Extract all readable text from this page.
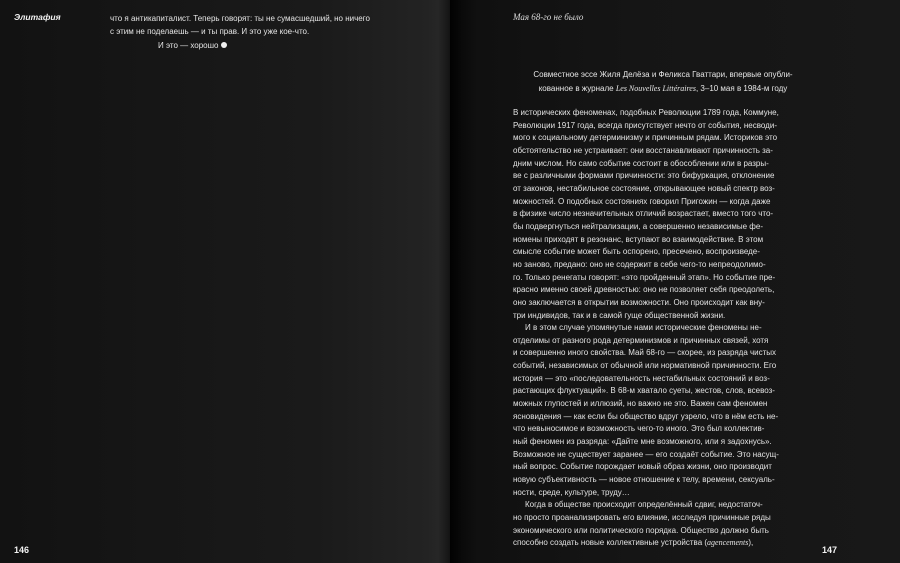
Элитафия	что я антикапиталист. Теперь говорят: ты не сумасшедший, но ничего
с этим не поделаешь — и ты прав. И это уже кое-что.
И это — хорошо
146
Мая 68-го не было
Совместное эссе Жиля Делёза и Феликса Гваттари, впервые опубли-
кованное в журнале Les Nouvelles Littéraires, 3–10 мая в 1984-м году
В исторических феноменах, подобных Революции 1789 года, Коммуне,
Революции 1917 года, всегда присутствует нечто от события, несводи-
мого к социальному детерминизму и причинным рядам. Историков это
обстоятельство не устраивает: они восстанавливают причинность за-
дним числом. Но само событие состоит в обособлении или в разры-
ве с различными формами причинности: это бифуркация, отклонение
от законов, нестабильное состояние, открывающее новый спектр воз-
можностей. О подобных состояниях говорил Пригожин — когда даже
в физике число незначительных отличий возрастает, вместо того что-
бы подвергнуться нейтрализации, а совершенно независимые фе-
номены приходят в резонанс, вступают во взаимодействие. В этом
смысле событие может быть оспорено, пресечено, воспроизведе-
но заново, предано: оно не содержит в себе чего-то непреодолимо-
го. Только ренегаты говорят: «это пройденный этап». Но событие пре-
красно именно своей древностью: оно не позволяет себя преодолеть,
оно заключается в открытии возможности. Оно происходит как вну-
три индивидов, так и в самой гуще общественной жизни.
И в этом случае упомянутые нами исторические феномены не-
отделимы от разного рода детерминизмов и причинных связей, хотя
и совершенно иного свойства. Май 68-го — скорее, из разряда чистых
событий, независимых от обычной или нормативной причинности. Его
история — это «последовательность нестабильных состояний и воз-
растающих флуктуаций». В 68-м хватало суеты, жестов, слов, всевоз-
можных глупостей и иллюзий, но важно не это. Важен сам феномен
ясновидения — как если бы общество вдруг узрело, что в нём есть не-
что невыносимое и возможность чего-то иного. Это был коллектив-
ный феномен из разряда: «Дайте мне возможного, или я задохнусь».
Возможное не существует заранее — его создаёт событие. Это насущ-
ный вопрос. Событие порождает новый образ жизни, оно производит
новую субъективность — новое отношение к телу, времени, сексуаль-
ности, среде, культуре, труду…
Когда в обществе происходит определённый сдвиг, недостаточ-
но просто проанализировать его влияние, исследуя причинные ряды
экономического или политического порядка. Общество должно быть
способно создать новые коллективные устройства (agencements),
147
